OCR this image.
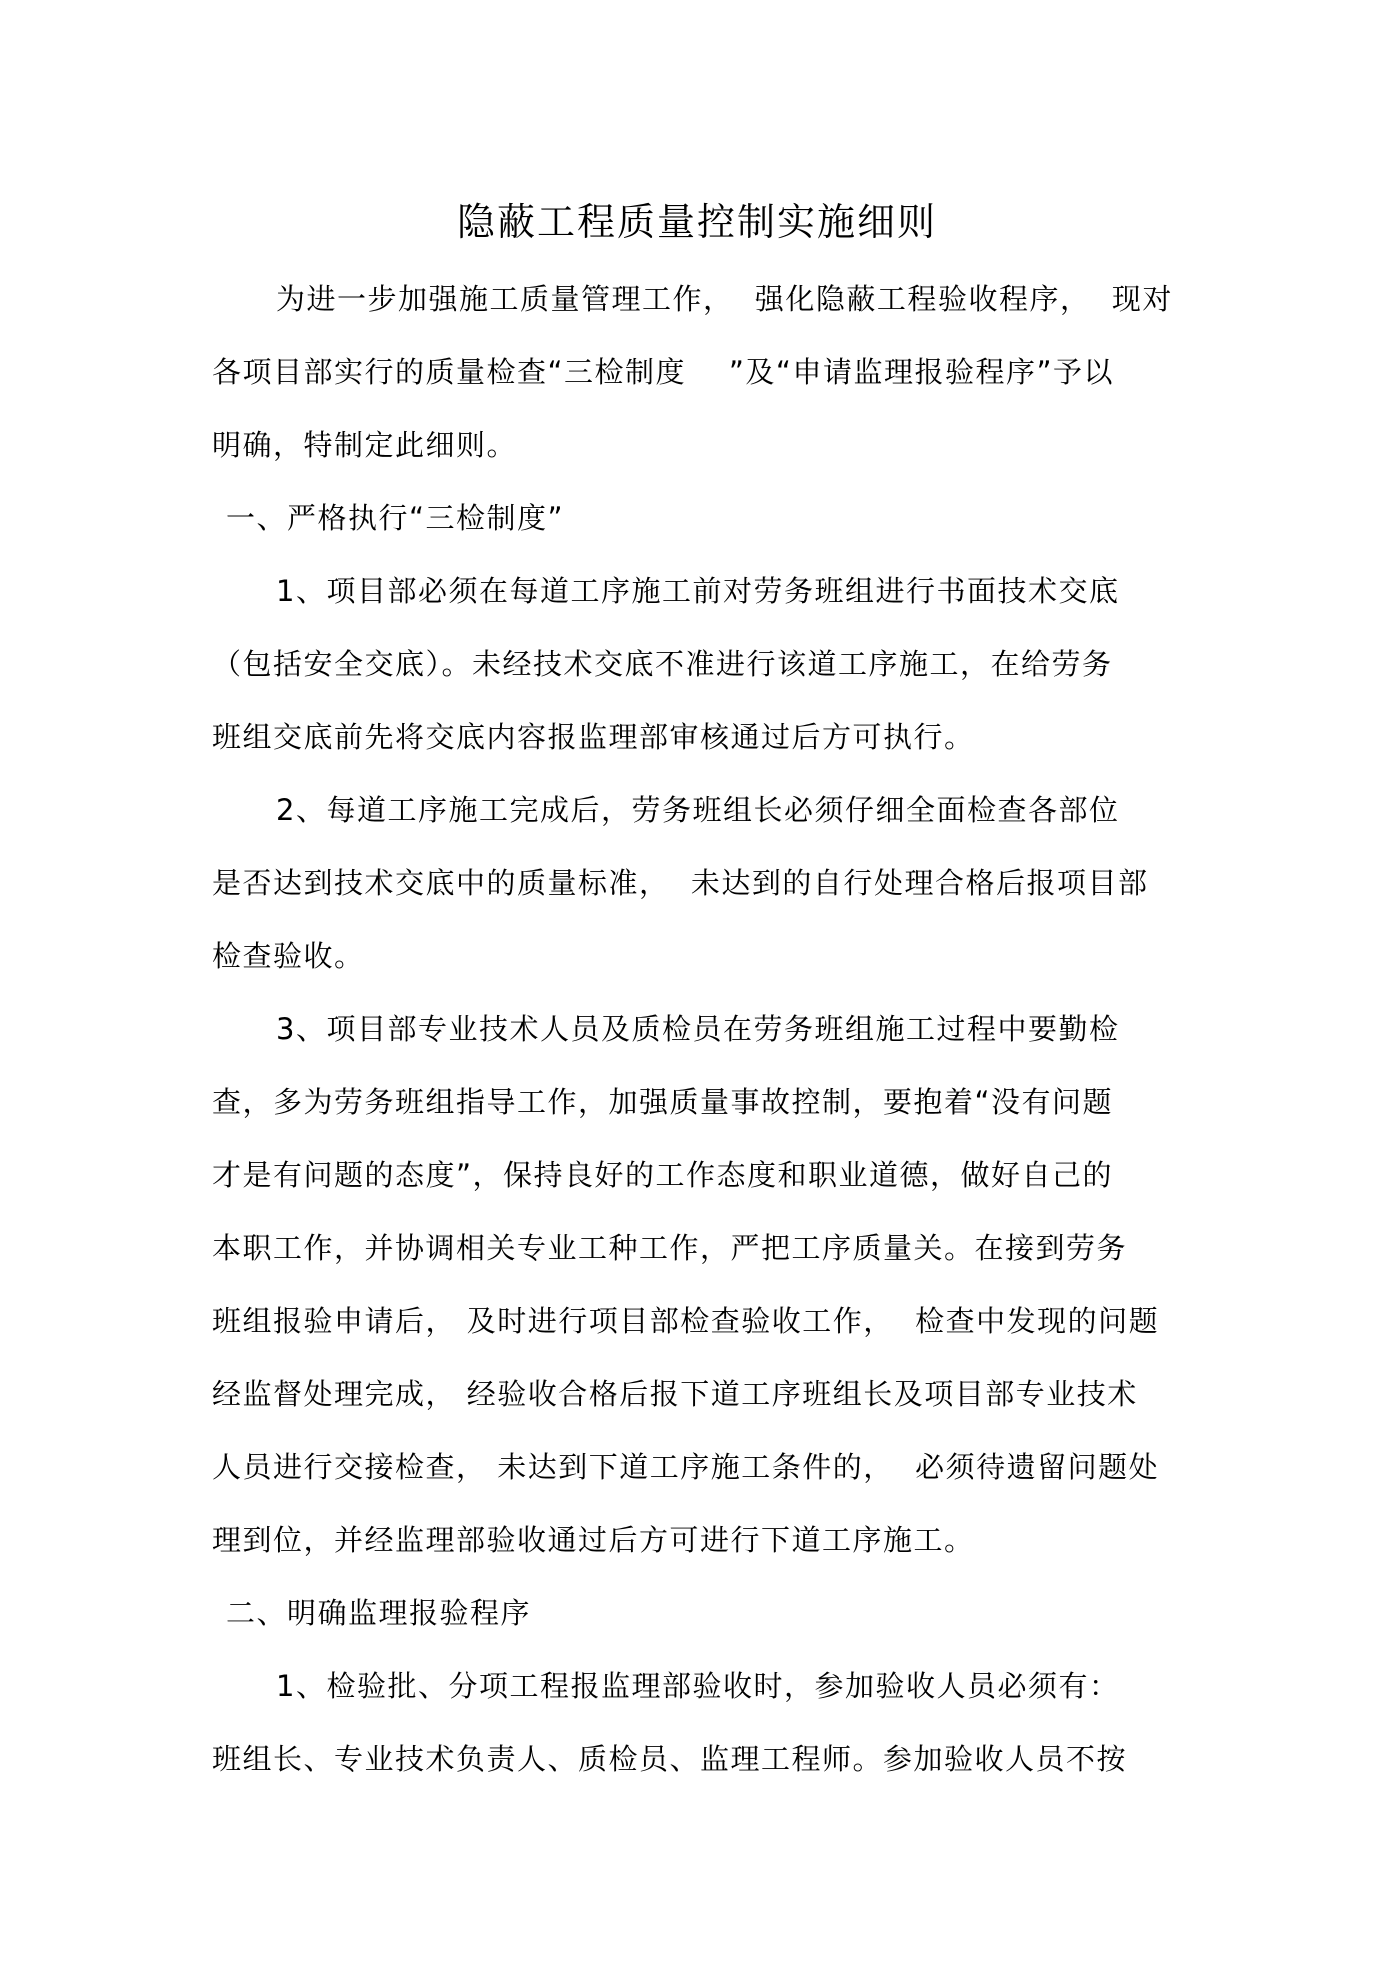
隐蔽工程质量控制实施细则
为进一步加强施工质量管理工作，  强化隐蔽工程验收程序，  现对
各项目部实行的质量检查“三检制度    ”及“申请监理报验程序”予以
明确，特制定此细则。
一、严格执行“三检制度”
1、项目部必须在每道工序施工前对劳务班组进行书面技术交底
（包括安全交底）。未经技术交底不准进行该道工序施工，在给劳务
班组交底前先将交底内容报监理部审核通过后方可执行。
2、每道工序施工完成后，劳务班组长必须仔细全面检查各部位
是否达到技术交底中的质量标准，  未达到的自行处理合格后报项目部
检查验收。
3、项目部专业技术人员及质检员在劳务班组施工过程中要勤检
查，多为劳务班组指导工作，加强质量事故控制，要抱着“没有问题
才是有问题的态度”，保持良好的工作态度和职业道德，做好自己的
本职工作，并协调相关专业工种工作，严把工序质量关。在接到劳务
班组报验申请后， 及时进行项目部检查验收工作，  检查中发现的问题
经监督处理完成， 经验收合格后报下道工序班组长及项目部专业技术
人员进行交接检查， 未达到下道工序施工条件的，  必须待遗留问题处
理到位，并经监理部验收通过后方可进行下道工序施工。
二、明确监理报验程序
1、检验批、分项工程报监理部验收时，参加验收人员必须有：
班组长、专业技术负责人、质检员、监理工程师。参加验收人员不按
